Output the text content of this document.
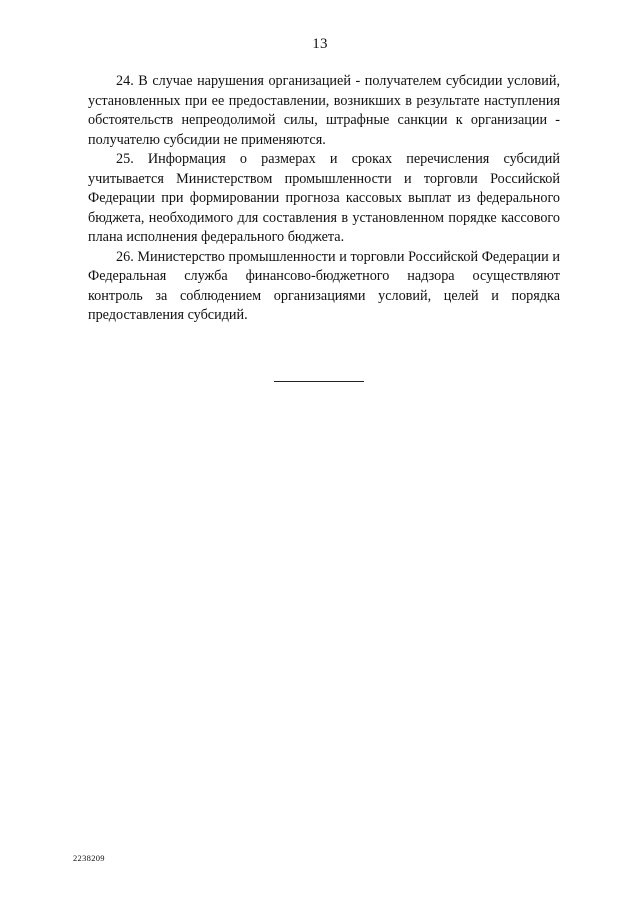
13

24. В случае нарушения организацией - получателем субсидии условий, установленных при ее предоставлении, возникших в результате наступления обстоятельств непреодолимой силы, штрафные санкции к организации - получателю субсидии не применяются.

25. Информация о размерах и сроках перечисления субсидий учитывается Министерством промышленности и торговли Российской Федерации при формировании прогноза кассовых выплат из федерального бюджета, необходимого для составления в установленном порядке кассового плана исполнения федерального бюджета.

26. Министерство промышленности и торговли Российской Федерации и Федеральная служба финансово-бюджетного надзора осуществляют контроль за соблюдением организациями условий, целей и порядка предоставления субсидий.

2238209
